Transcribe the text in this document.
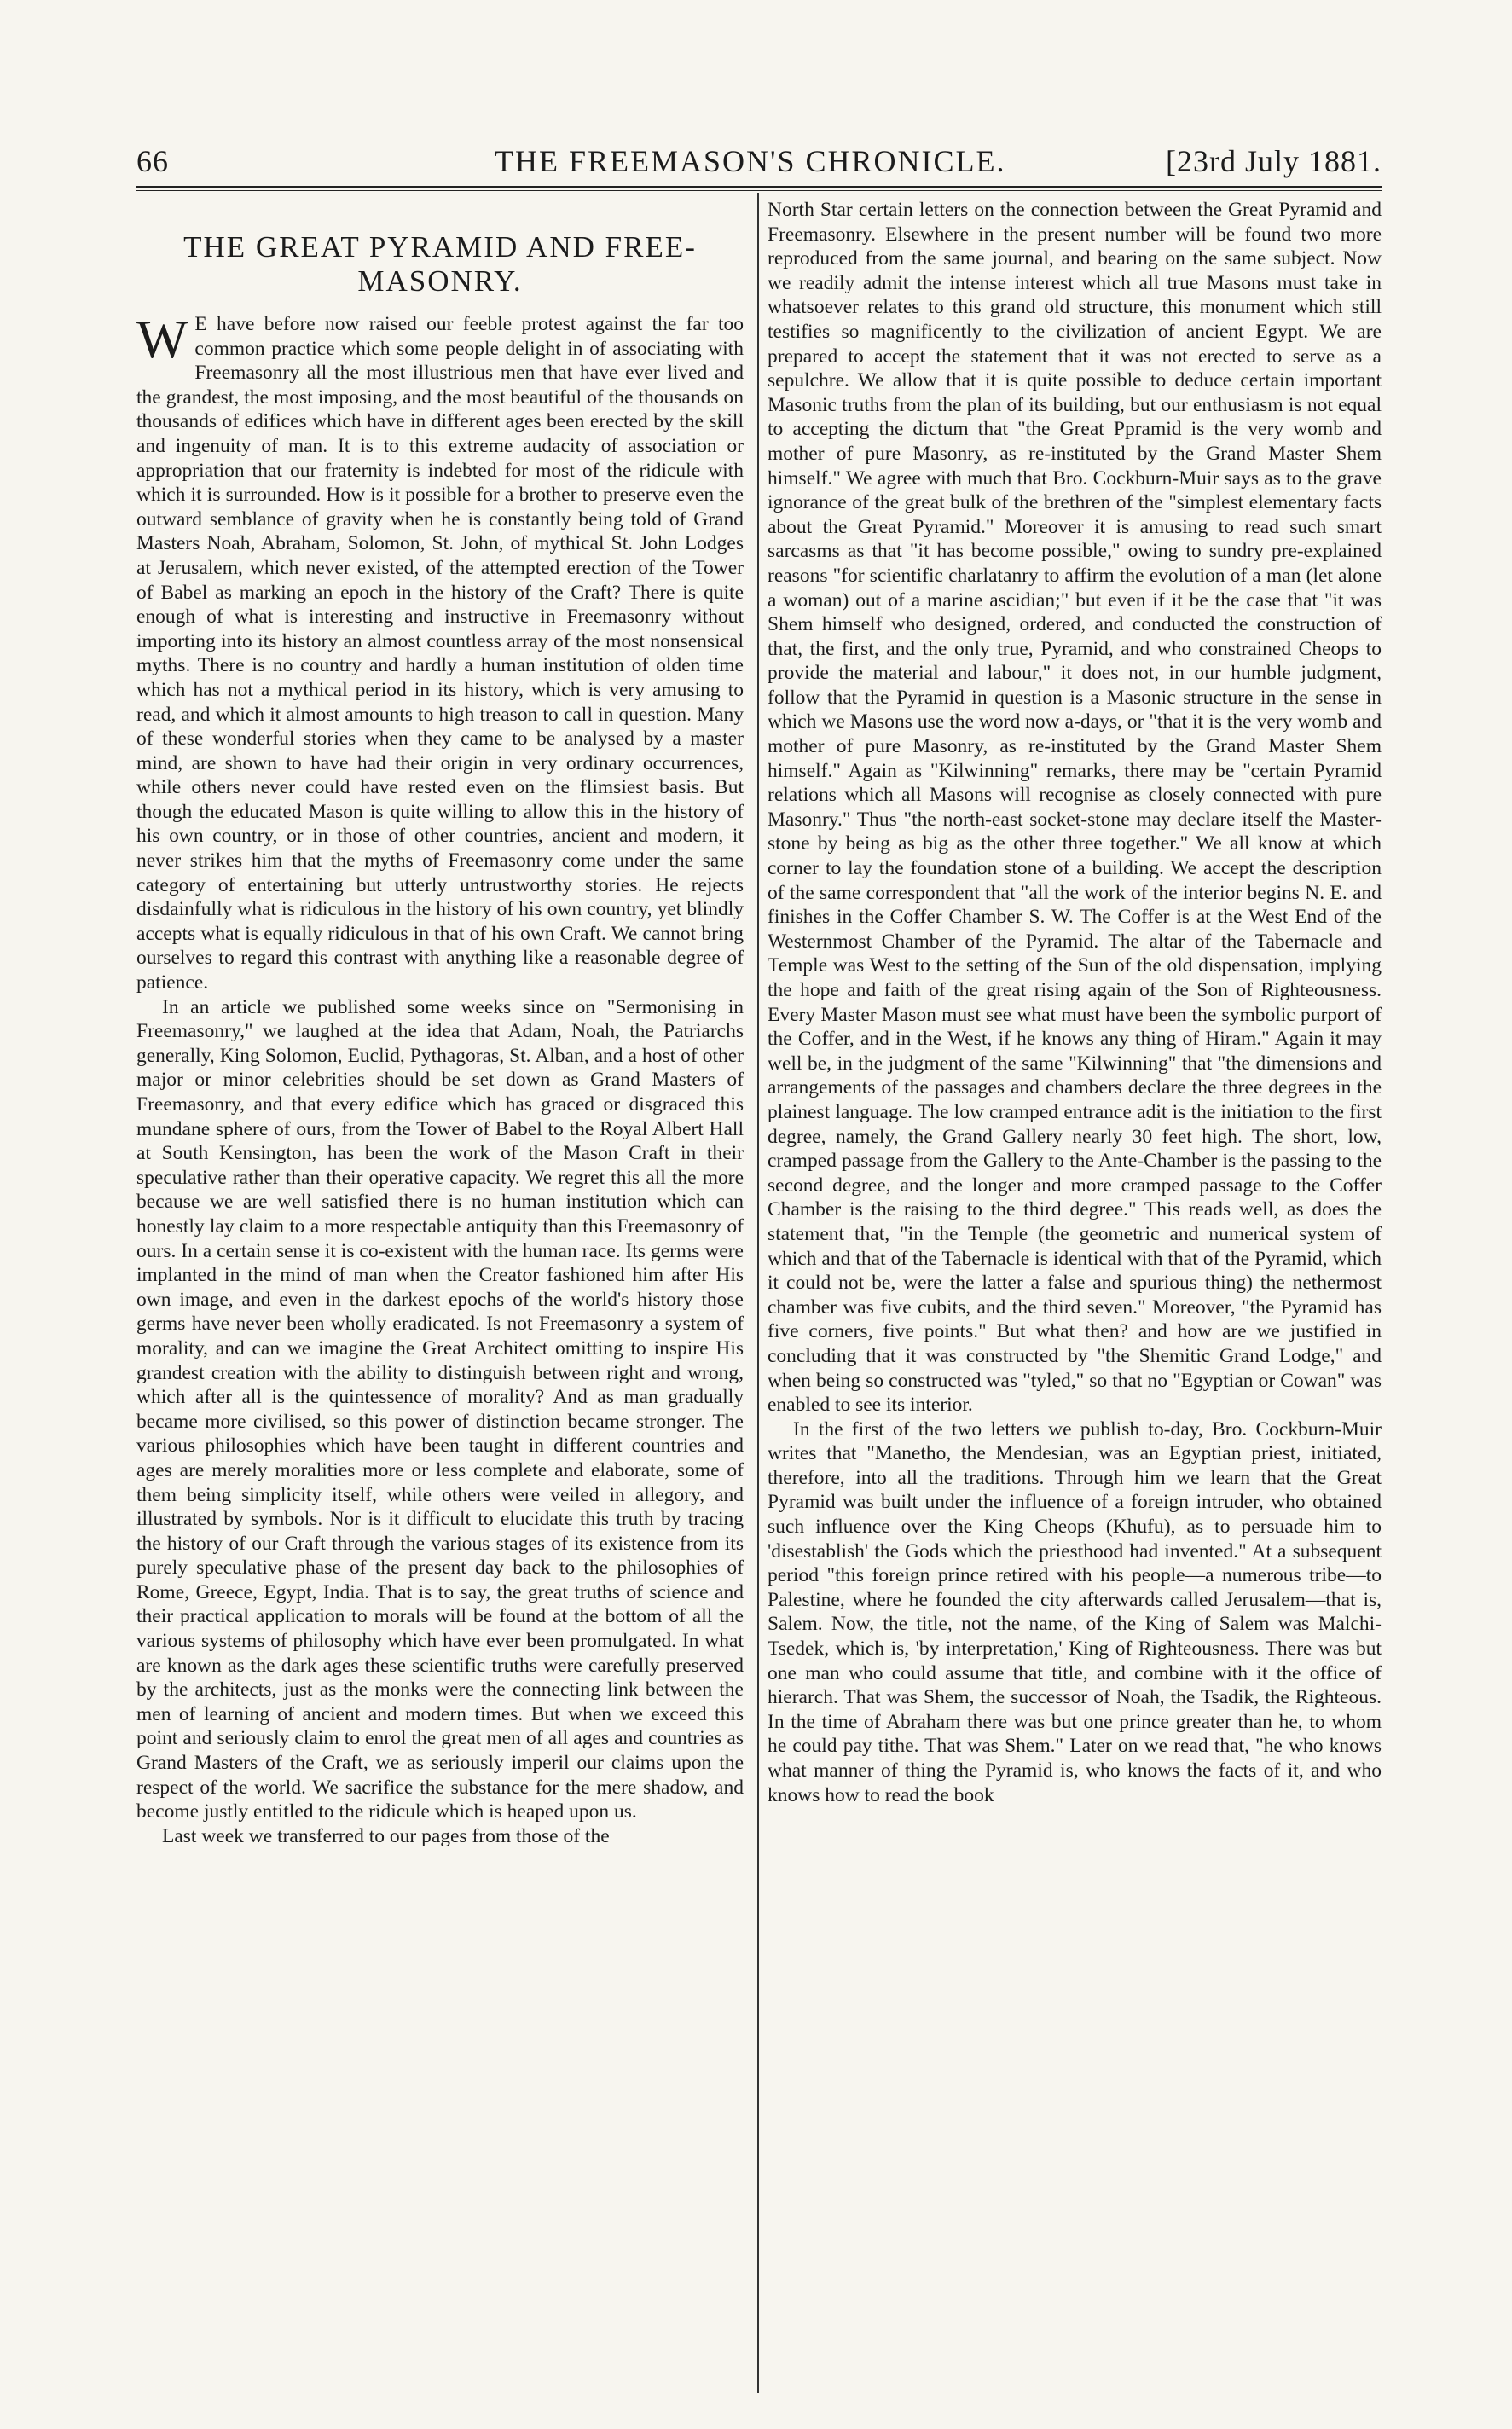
66	THE FREEMASON'S CHRONICLE.	[23rd July 1881.
THE GREAT PYRAMID AND FREE-MASONRY.

W E have before now raised our feeble protest against the far too common practice which some people delight in of associating with Freemasonry all the most illustrious men that have ever lived and the grandest, the most imposing, and the most beautiful of the thousands on thousands of edifices which have in different ages been erected by the skill and ingenuity of man. It is to this extreme audacity of association or appropriation that our fraternity is indebted for most of the ridicule with which it is surrounded. How is it possible for a brother to preserve even the outward semblance of gravity when he is constantly being told of Grand Masters Noah, Abraham, Solomon, St. John, of mythical St. John Lodges at Jerusalem, which never existed, of the attempted erection of the Tower of Babel as marking an epoch in the history of the Craft? There is quite enough of what is interesting and instructive in Freemasonry without importing into its history an almost countless array of the most nonsensical myths. There is no country and hardly a human institution of olden time which has not a mythical period in its history, which is very amusing to read, and which it almost amounts to high treason to call in question. Many of these wonderful stories when they came to be analysed by a master mind, are shown to have had their origin in very ordinary occurrences, while others never could have rested even on the flimsiest basis. But though the educated Mason is quite willing to allow this in the history of his own country, or in those of other countries, ancient and modern, it never strikes him that the myths of Freemasonry come under the same category of entertaining but utterly untrustworthy stories. He rejects disdainfully what is ridiculous in the history of his own country, yet blindly accepts what is equally ridiculous in that of his own Craft. We cannot bring ourselves to regard this contrast with anything like a reasonable degree of patience.

In an article we published some weeks since on "Sermonising in Freemasonry," we laughed at the idea that Adam, Noah, the Patriarchs generally, King Solomon, Euclid, Pythagoras, St. Alban, and a host of other major or minor celebrities should be set down as Grand Masters of Freemasonry, and that every edifice which has graced or disgraced this mundane sphere of ours, from the Tower of Babel to the Royal Albert Hall at South Kensington, has been the work of the Mason Craft in their speculative rather than their operative capacity. We regret this all the more because we are well satisfied there is no human institution which can honestly lay claim to a more respectable antiquity than this Freemasonry of ours. In a certain sense it is co-existent with the human race. Its germs were implanted in the mind of man when the Creator fashioned him after His own image, and even in the darkest epochs of the world's history those germs have never been wholly eradicated. Is not Freemasonry a system of morality, and can we imagine the Great Architect omitting to inspire His grandest creation with the ability to distinguish between right and wrong, which after all is the quintessence of morality? And as man gradually became more civilised, so this power of distinction became stronger. The various philosophies which have been taught in different countries and ages are merely moralities more or less complete and elaborate, some of them being simplicity itself, while others were veiled in allegory, and illustrated by symbols. Nor is it difficult to elucidate this truth by tracing the history of our Craft through the various stages of its existence from its purely speculative phase of the present day back to the philosophies of Rome, Greece, Egypt, India. That is to say, the great truths of science and their practical application to morals will be found at the bottom of all the various systems of philosophy which have ever been promulgated. In what are known as the dark ages these scientific truths were carefully preserved by the architects, just as the monks were the connecting link between the men of learning of ancient and modern times. But when we exceed this point and seriously claim to enrol the great men of all ages and countries as Grand Masters of the Craft, we as seriously imperil our claims upon the respect of the world. We sacrifice the substance for the mere shadow, and become justly entitled to the ridicule which is heaped upon us.

Last week we transferred to our pages from those of the

North Star certain letters on the connection between the Great Pyramid and Freemasonry. Elsewhere in the present number will be found two more reproduced from the same journal, and bearing on the same subject. Now we readily admit the intense interest which all true Masons must take in whatsoever relates to this grand old structure, this monument which still testifies so magnificently to the civilization of ancient Egypt. We are prepared to accept the statement that it was not erected to serve as a sepulchre. We allow that it is quite possible to deduce certain important Masonic truths from the plan of its building, but our enthusiasm is not equal to accepting the dictum that "the Great Ppramid is the very womb and mother of pure Masonry, as re-instituted by the Grand Master Shem himself." We agree with much that Bro. Cockburn-Muir says as to the grave ignorance of the great bulk of the brethren of the "simplest elementary facts about the Great Pyramid." Moreover it is amusing to read such smart sarcasms as that "it has become possible," owing to sundry pre-explained reasons "for scientific charlatanry to affirm the evolution of a man (let alone a woman) out of a marine ascidian;" but even if it be the case that "it was Shem himself who designed, ordered, and conducted the construction of that, the first, and the only true, Pyramid, and who constrained Cheops to provide the material and labour," it does not, in our humble judgment, follow that the Pyramid in question is a Masonic structure in the sense in which we Masons use the word now a-days, or "that it is the very womb and mother of pure Masonry, as re-instituted by the Grand Master Shem himself." Again as "Kilwinning" remarks, there may be "certain Pyramid relations which all Masons will recognise as closely connected with pure Masonry." Thus "the north-east socket-stone may declare itself the Master-stone by being as big as the other three together." We all know at which corner to lay the foundation stone of a building. We accept the description of the same correspondent that "all the work of the interior begins N. E. and finishes in the Coffer Chamber S. W. The Coffer is at the West End of the Westernmost Chamber of the Pyramid. The altar of the Tabernacle and Temple was West to the setting of the Sun of the old dispensation, implying the hope and faith of the great rising again of the Son of Righteousness. Every Master Mason must see what must have been the symbolic purport of the Coffer, and in the West, if he knows any thing of Hiram." Again it may well be, in the judgment of the same "Kilwinning" that "the dimensions and arrangements of the passages and chambers declare the three degrees in the plainest language. The low cramped entrance adit is the initiation to the first degree, namely, the Grand Gallery nearly 30 feet high. The short, low, cramped passage from the Gallery to the Ante-Chamber is the passing to the second degree, and the longer and more cramped passage to the Coffer Chamber is the raising to the third degree." This reads well, as does the statement that, "in the Temple (the geometric and numerical system of which and that of the Tabernacle is identical with that of the Pyramid, which it could not be, were the latter a false and spurious thing) the nethermost chamber was five cubits, and the third seven." Moreover, "the Pyramid has five corners, five points." But what then? and how are we justified in concluding that it was constructed by "the Shemitic Grand Lodge," and when being so constructed was "tyled," so that no "Egyptian or Cowan" was enabled to see its interior.

In the first of the two letters we publish to-day, Bro. Cockburn-Muir writes that "Manetho, the Mendesian, was an Egyptian priest, initiated, therefore, into all the traditions. Through him we learn that the Great Pyramid was built under the influence of a foreign intruder, who obtained such influence over the King Cheops (Khufu), as to persuade him to 'disestablish' the Gods which the priesthood had invented." At a subsequent period "this foreign prince retired with his people—a numerous tribe—to Palestine, where he founded the city afterwards called Jerusalem—that is, Salem. Now, the title, not the name, of the King of Salem was Malchi-Tsedek, which is, 'by interpretation,' King of Righteousness. There was but one man who could assume that title, and combine with it the office of hierarch. That was Shem, the successor of Noah, the Tsadik, the Righteous. In the time of Abraham there was but one prince greater than he, to whom he could pay tithe. That was Shem." Later on we read that, "he who knows what manner of thing the Pyramid is, who knows the facts of it, and who knows how to read the book
